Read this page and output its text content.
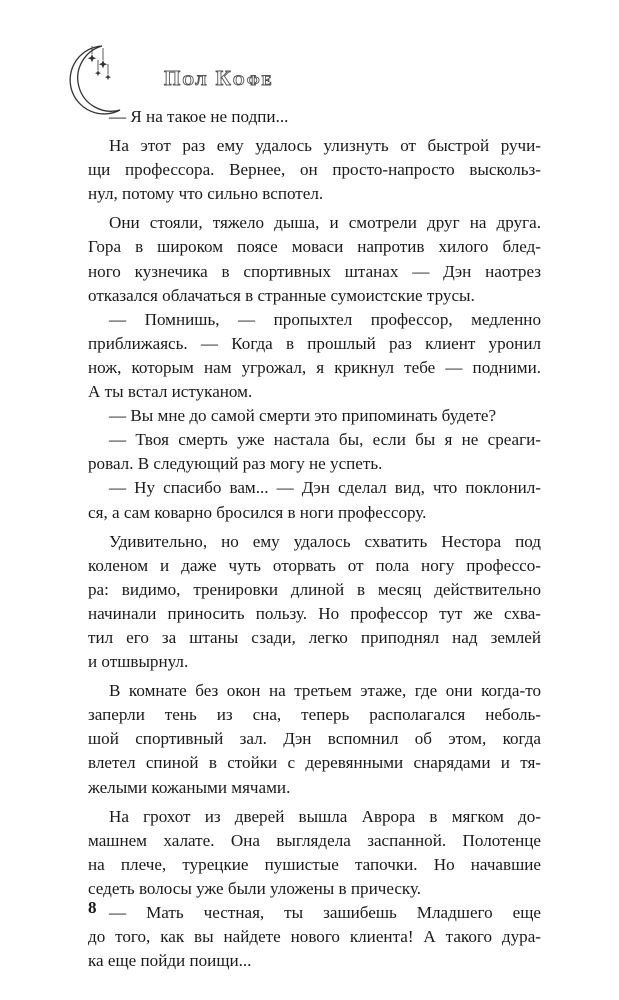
Пол Кофе
— Я на такое не подпи...
На этот раз ему удалось улизнуть от быстрой ручи-
щи профессора. Вернее, он просто-напросто выскольз-
нул, потому что сильно вспотел.
Они стояли, тяжело дыша, и смотрели друг на друга.
Гора в широком поясе моваси напротив хилого блед-
ного кузнечика в спортивных штанах — Дэн наотрез
отказался облачаться в странные сумоистские трусы.
— Помнишь, — пропыхтел профессор, медленно
приближаясь. — Когда в прошлый раз клиент уронил
нож, которым нам угрожал, я крикнул тебе — подними.
А ты встал истуканом.
— Вы мне до самой смерти это припоминать будете?
— Твоя смерть уже настала бы, если бы я не среаги-
ровал. В следующий раз могу не успеть.
— Ну спасибо вам... — Дэн сделал вид, что поклонил-
ся, а сам коварно бросился в ноги профессору.
Удивительно, но ему удалось схватить Нестора под
коленом и даже чуть оторвать от пола ногу профессо-
ра: видимо, тренировки длиной в месяц действительно
начинали приносить пользу. Но профессор тут же схва-
тил его за штаны сзади, легко приподнял над землей
и отшвырнул.
В комнате без окон на третьем этаже, где они когда-то
заперли тень из сна, теперь располагался неболь-
шой спортивный зал. Дэн вспомнил об этом, когда
влетел спиной в стойки с деревянными снарядами и тя-
желыми кожаными мячами.
На грохот из дверей вышла Аврора в мягком до-
машнем халате. Она выглядела заспанной. Полотенце
на плече, турецкие пушистые тапочки. Но начавшие
седеть волосы уже были уложены в прическу.
— Мать честная, ты зашибешь Младшего еще
до того, как вы найдете нового клиента! А такого дура-
ка еще пойди поищи...
8
